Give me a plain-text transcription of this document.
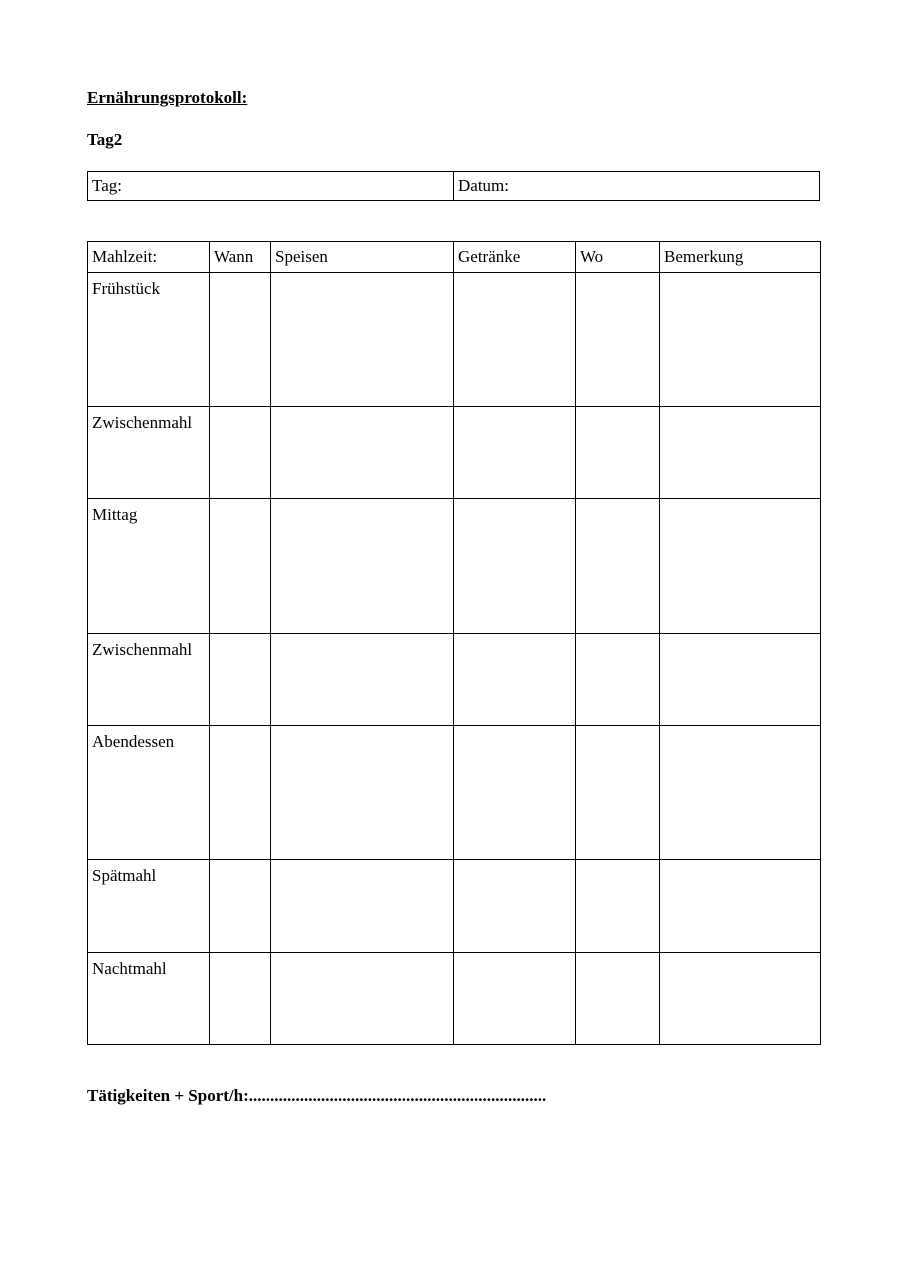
Ernährungsprotokoll:
Tag2
Tag:	Datum:
Mahlzeit:	Wann	Speisen	Getränke	Wo	Bemerkung
Frühstück					
Zwischenmahl					
Mittag					
Zwischenmahl					
Abendessen					
Spätmahl					
Nachtmahl					

Tätigkeiten + Sport/h:......................................................................
